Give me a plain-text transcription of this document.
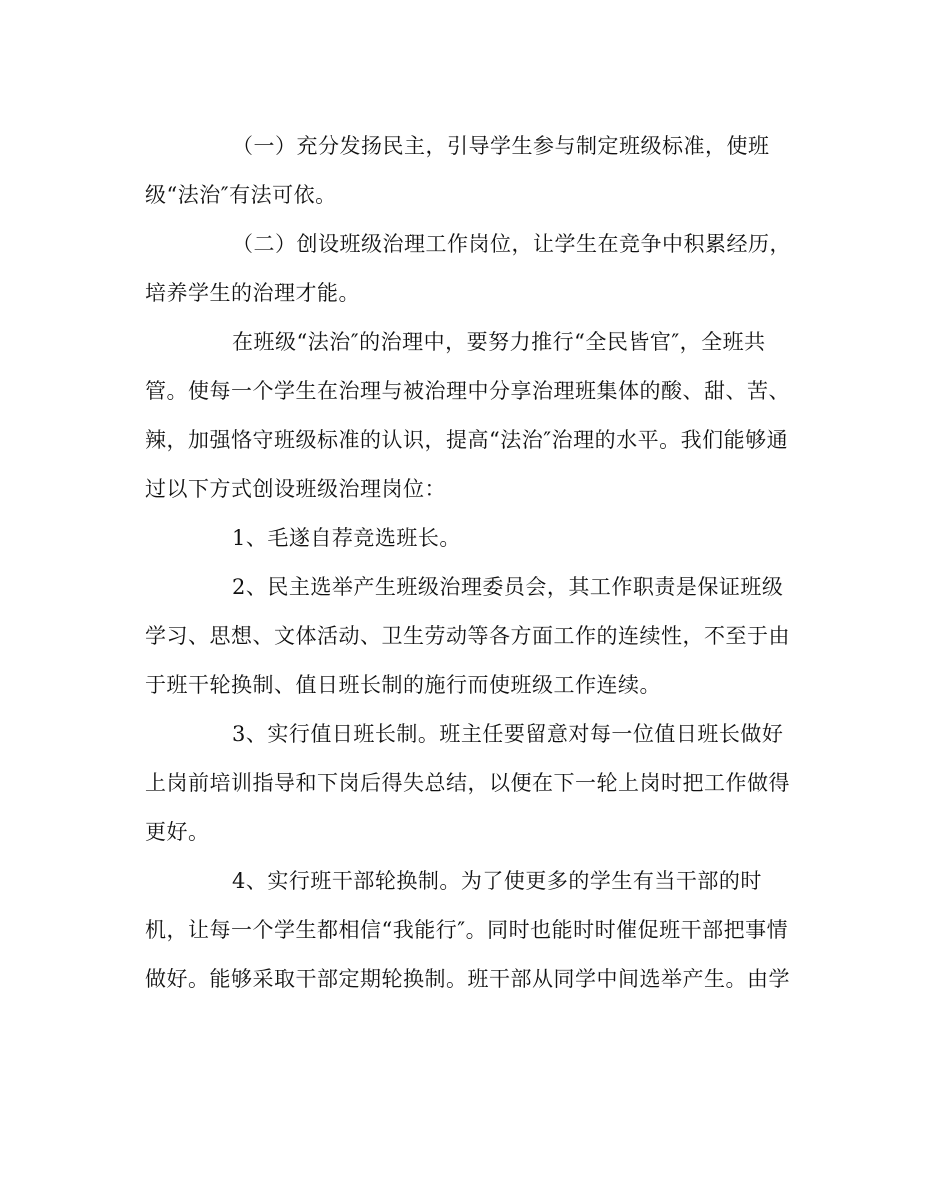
（一）充分发扬民主，引导学生参与制定班级标准，使班
级“法治″有法可依。
（二）创设班级治理工作岗位，让学生在竞争中积累经历，
培养学生的治理才能。
在班级“法治″的治理中，要努力推行“全民皆官″，全班共
管。使每一个学生在治理与被治理中分享治理班集体的酸、甜、苦、
辣，加强恪守班级标准的认识，提高“法治″治理的水平。我们能够通
过以下方式创设班级治理岗位：
1、毛遂自荐竞选班长。
2、民主选举产生班级治理委员会，其工作职责是保证班级
学习、思想、文体活动、卫生劳动等各方面工作的连续性，不至于由
于班干轮换制、值日班长制的施行而使班级工作连续。
3、实行值日班长制。班主任要留意对每一位值日班长做好
上岗前培训指导和下岗后得失总结，以便在下一轮上岗时把工作做得
更好。
4、实行班干部轮换制。为了使更多的学生有当干部的时
机，让每一个学生都相信“我能行″。同时也能时时催促班干部把事情
做好。能够采取干部定期轮换制。班干部从同学中间选举产生。由学
